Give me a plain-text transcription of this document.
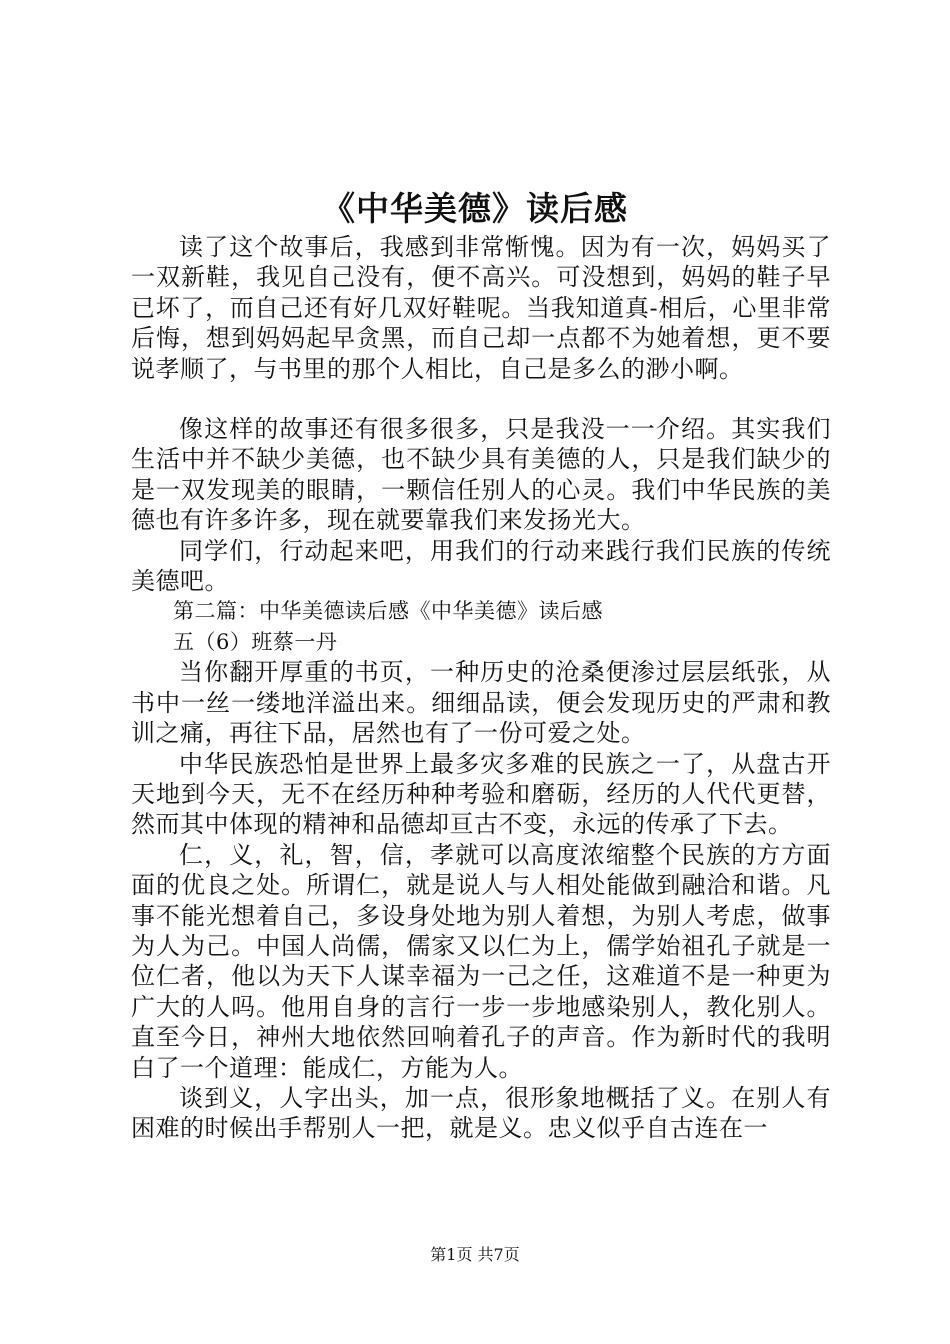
《中华美德》读后感

读了这个故事后，我感到非常惭愧。因为有一次，妈妈买了一双新鞋，我见自己没有，便不高兴。可没想到，妈妈的鞋子早已坏了，而自己还有好几双好鞋呢。当我知道真-相后，心里非常后悔，想到妈妈起早贪黑，而自己却一点都不为她着想，更不要说孝顺了，与书里的那个人相比，自己是多么的渺小啊。

像这样的故事还有很多很多，只是我没一一介绍。其实我们生活中并不缺少美德，也不缺少具有美德的人，只是我们缺少的是一双发现美的眼睛，一颗信任别人的心灵。我们中华民族的美德也有许多许多，现在就要靠我们来发扬光大。

同学们，行动起来吧，用我们的行动来践行我们民族的传统美德吧。

第二篇：中华美德读后感《中华美德》读后感

五（6）班蔡一丹

当你翻开厚重的书页，一种历史的沧桑便渗过层层纸张，从书中一丝一缕地洋溢出来。细细品读，便会发现历史的严肃和教训之痛，再往下品，居然也有了一份可爱之处。

中华民族恐怕是世界上最多灾多难的民族之一了，从盘古开天地到今天，无不在经历种种考验和磨砺，经历的人代代更替，然而其中体现的精神和品德却亘古不变，永远的传承了下去。

仁，义，礼，智，信，孝就可以高度浓缩整个民族的方方面面的优良之处。所谓仁，就是说人与人相处能做到融洽和谐。凡事不能光想着自己，多设身处地为别人着想，为别人考虑，做事为人为己。中国人尚儒，儒家又以仁为上，儒学始祖孔子就是一位仁者，他以为天下人谋幸福为一己之任，这难道不是一种更为广大的人吗。他用自身的言行一步一步地感染别人，教化别人。直至今日，神州大地依然回响着孔子的声音。作为新时代的我明白了一个道理：能成仁，方能为人。

谈到义，人字出头，加一点，很形象地概括了义。在别人有困难的时候出手帮别人一把，就是义。忠义似乎自古连在一

第1页 共7页
